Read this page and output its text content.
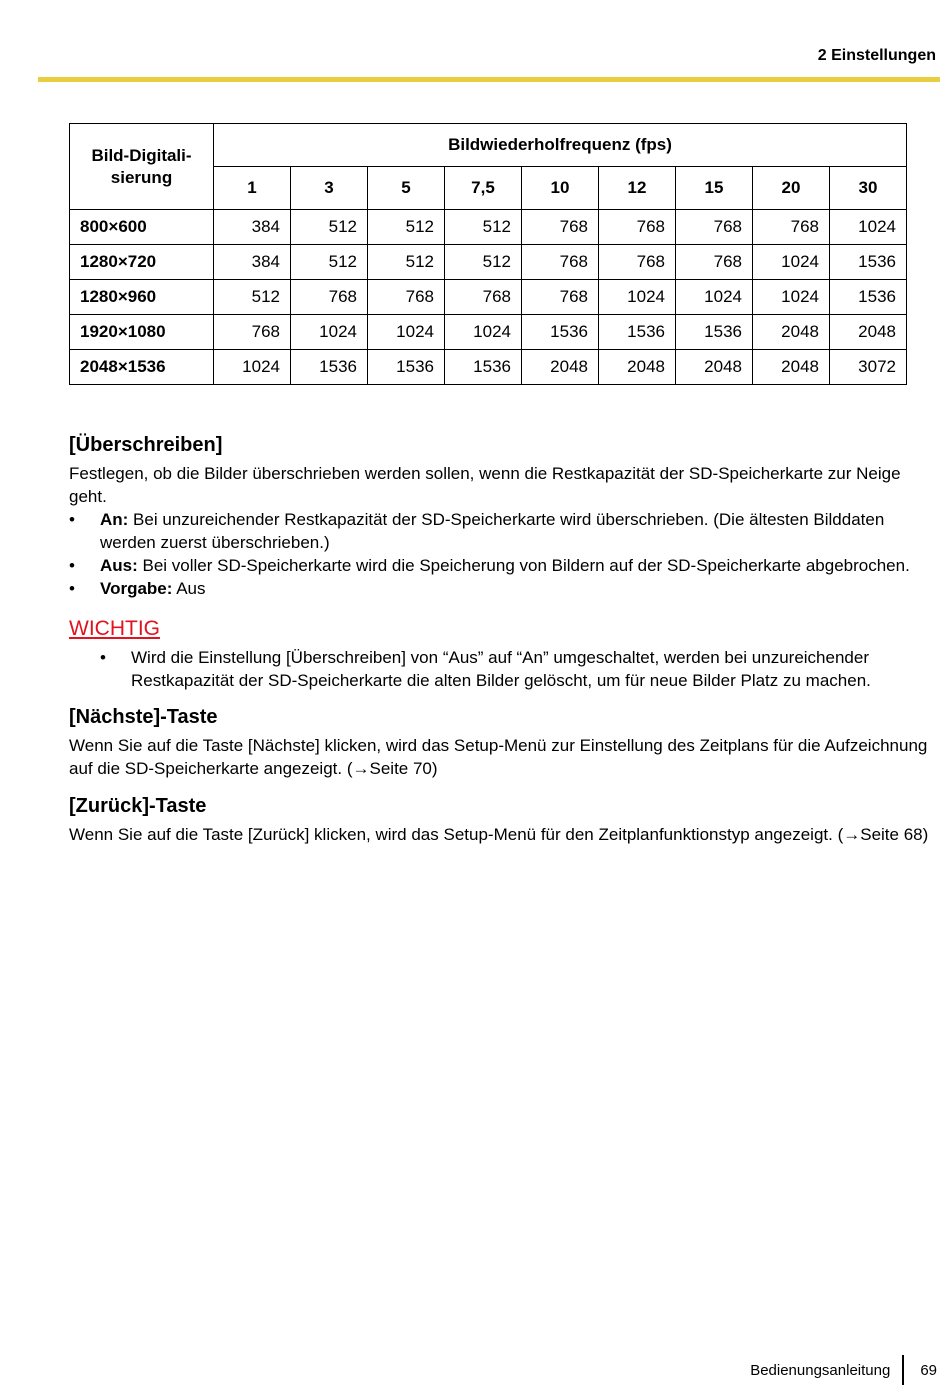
2 Einstellungen
Bild-Digitali-
sierung	Bildwiederholfrequenz (fps)								
	1	3	5	7,5	10	12	15	20	30
800×600	384	512	512	512	768	768	768	768	1024
1280×720	384	512	512	512	768	768	768	1024	1536
1280×960	512	768	768	768	768	1024	1024	1024	1536
1920×1080	768	1024	1024	1024	1536	1536	1536	2048	2048
2048×1536	1024	1536	1536	1536	2048	2048	2048	2048	3072
[Überschreiben]

Festlegen, ob die Bilder überschrieben werden sollen, wenn die Restkapazität der SD-Speicherkarte zur Neige geht.

• An: Bei unzureichender Restkapazität der SD-Speicherkarte wird überschrieben. (Die ältesten Bilddaten werden zuerst überschrieben.)
• Aus: Bei voller SD-Speicherkarte wird die Speicherung von Bildern auf der SD-Speicherkarte abgebrochen.
• Vorgabe: Aus
WICHTIG
• Wird die Einstellung [Überschreiben] von “Aus” auf “An” umgeschaltet, werden bei unzureichender Restkapazität der SD-Speicherkarte die alten Bilder gelöscht, um für neue Bilder Platz zu machen.
[Nächste]-Taste

Wenn Sie auf die Taste [Nächste] klicken, wird das Setup-Menü zur Einstellung des Zeitplans für die Aufzeichnung auf die SD-Speicherkarte angezeigt. (→Seite 70)

[Zurück]-Taste

Wenn Sie auf die Taste [Zurück] klicken, wird das Setup-Menü für den Zeitplanfunktionstyp angezeigt. (→Seite 68)

Bedienungsanleitung 69
